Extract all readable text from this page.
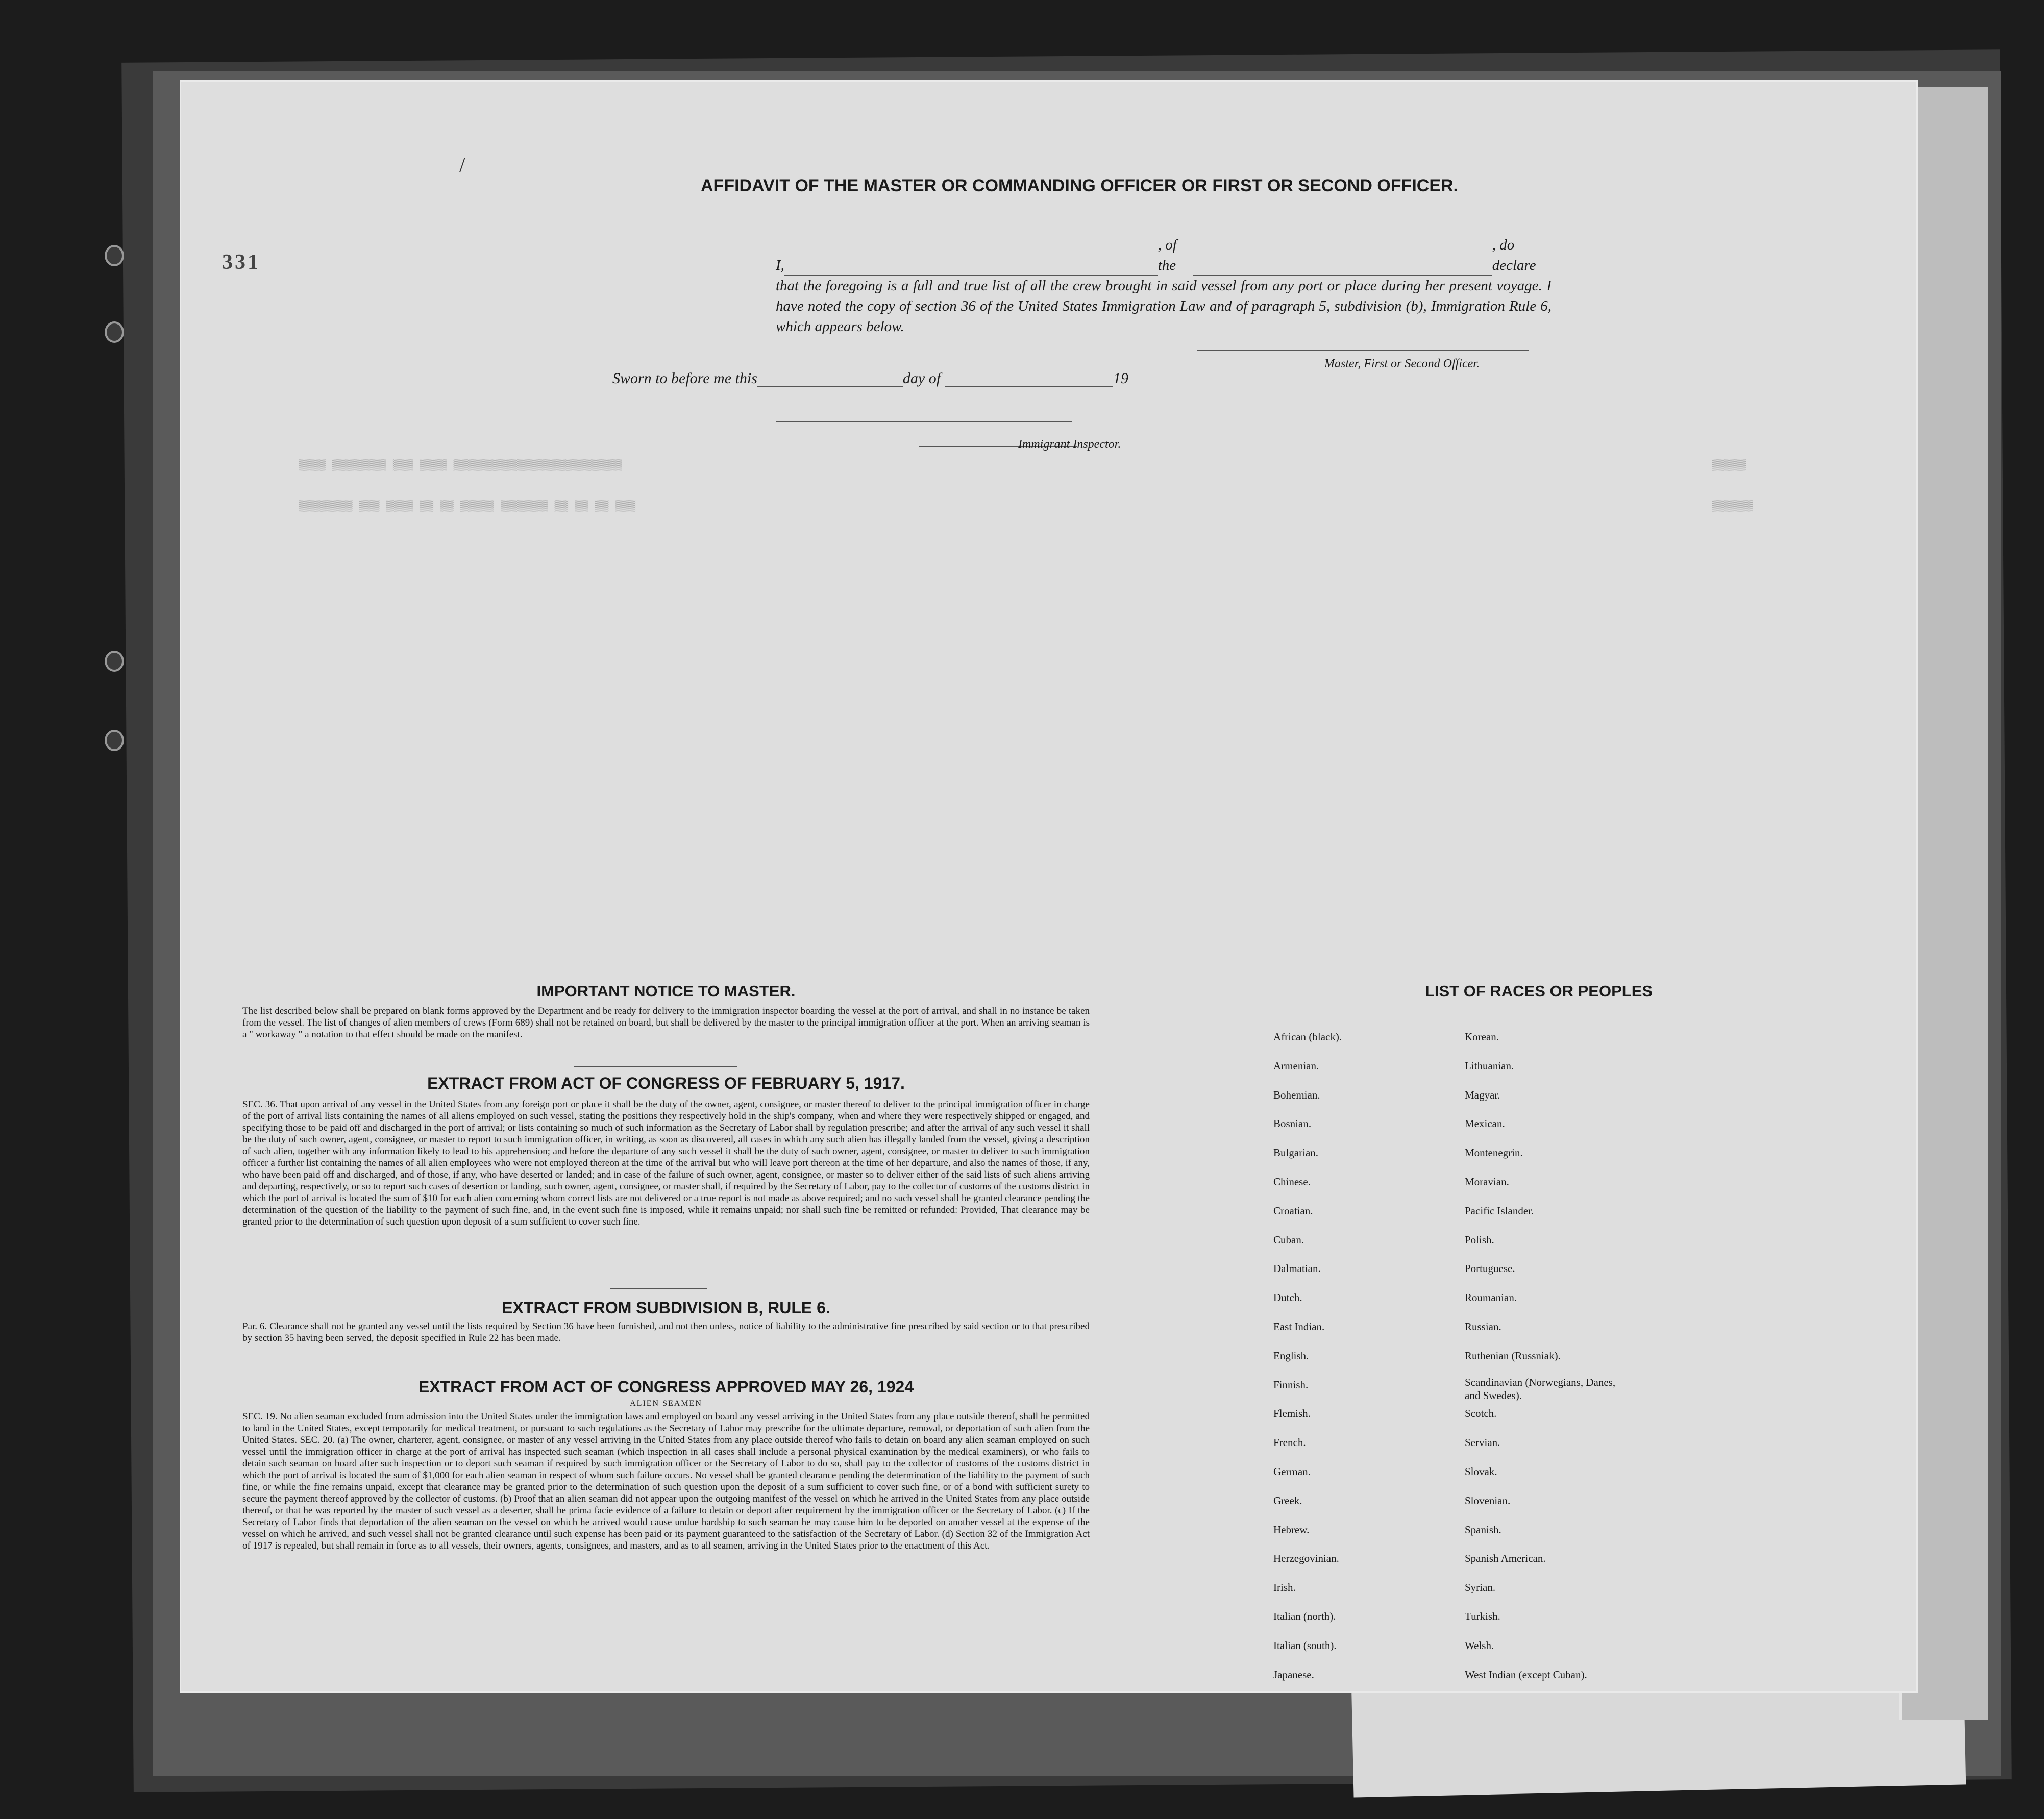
▒▒▒▒ ▒▒▒▒▒▒▒▒ ▒▒▒ ▒▒▒▒ ▒▒▒▒▒▒▒▒▒▒▒▒▒▒▒▒▒▒▒▒▒▒▒▒▒
▒▒▒▒▒▒▒▒ ▒▒▒ ▒▒▒▒ ▒▒ ▒▒ ▒▒▒▒▒ ▒▒▒▒▒▒▒ ▒▒ ▒▒ ▒▒ ▒▒▒
▒▒▒▒▒
▒▒▒▒▒▒
331
/
AFFIDAVIT OF THE MASTER OR COMMANDING OFFICER OR FIRST OR SECOND OFFICER.
I,
, of the
, do declare
that the foregoing is a full and true list of all the crew brought in said vessel from any port or place during her present voyage. I have noted the copy of section 36 of the United States Immigration Law and of paragraph 5, subdivision (b), Immigration Rule 6, which appears below.
Master, First or Second Officer.
Sworn to before me this	day of	19
Immigrant Inspector.
IMPORTANT NOTICE TO MASTER.
The list described below shall be prepared on blank forms approved by the Department and be ready for delivery to the immigration inspector boarding the vessel at the port of arrival, and shall in no instance be taken from the vessel. The list of changes of alien members of crews (Form 689) shall not be retained on board, but shall be delivered by the master to the principal immigration officer at the port. When an arriving seaman is a " workaway " a notation to that effect should be made on the manifest.
EXTRACT FROM ACT OF CONGRESS OF FEBRUARY 5, 1917.
SEC. 36. That upon arrival of any vessel in the United States from any foreign port or place it shall be the duty of the owner, agent, consignee, or master thereof to deliver to the principal immigration officer in charge of the port of arrival lists containing the names of all aliens employed on such vessel, stating the positions they respectively hold in the ship's company, when and where they were respectively shipped or engaged, and specifying those to be paid off and discharged in the port of arrival; or lists containing so much of such information as the Secretary of Labor shall by regulation prescribe; and after the arrival of any such vessel it shall be the duty of such owner, agent, consignee, or master to report to such immigration officer, in writing, as soon as discovered, all cases in which any such alien has illegally landed from the vessel, giving a description of such alien, together with any information likely to lead to his apprehension; and before the departure of any such vessel it shall be the duty of such owner, agent, consignee, or master to deliver to such immigration officer a further list containing the names of all alien employees who were not employed thereon at the time of the arrival but who will leave port thereon at the time of her departure, and also the names of those, if any, who have been paid off and discharged, and of those, if any, who have deserted or landed; and in case of the failure of such owner, agent, consignee, or master so to deliver either of the said lists of such aliens arriving and departing, respectively, or so to report such cases of desertion or landing, such owner, agent, consignee, or master shall, if required by the Secretary of Labor, pay to the collector of customs of the customs district in which the port of arrival is located the sum of $10 for each alien concerning whom correct lists are not delivered or a true report is not made as above required; and no such vessel shall be granted clearance pending the determination of the question of the liability to the payment of such fine, and, in the event such fine is imposed, while it remains unpaid; nor shall such fine be remitted or refunded: Provided, That clearance may be granted prior to the determination of such question upon deposit of a sum sufficient to cover such fine.
EXTRACT FROM SUBDIVISION B, RULE 6.
Par. 6. Clearance shall not be granted any vessel until the lists required by Section 36 have been furnished, and not then unless, notice of liability to the administrative fine prescribed by said section or to that prescribed by section 35 having been served, the deposit specified in Rule 22 has been made.
EXTRACT FROM ACT OF CONGRESS APPROVED MAY 26, 1924
ALIEN SEAMEN
SEC. 19. No alien seaman excluded from admission into the United States under the immigration laws and employed on board any vessel arriving in the United States from any place outside thereof, shall be permitted to land in the United States, except temporarily for medical treatment, or pursuant to such regulations as the Secretary of Labor may prescribe for the ultimate departure, removal, or deportation of such alien from the United States. SEC. 20. (a) The owner, charterer, agent, consignee, or master of any vessel arriving in the United States from any place outside thereof who fails to detain on board any alien seaman employed on such vessel until the immigration officer in charge at the port of arrival has inspected such seaman (which inspection in all cases shall include a personal physical examination by the medical examiners), or who fails to detain such seaman on board after such inspection or to deport such seaman if required by such immigration officer or the Secretary of Labor to do so, shall pay to the collector of customs of the customs district in which the port of arrival is located the sum of $1,000 for each alien seaman in respect of whom such failure occurs. No vessel shall be granted clearance pending the determination of the liability to the payment of such fine, or while the fine remains unpaid, except that clearance may be granted prior to the determination of such question upon the deposit of a sum sufficient to cover such fine, or of a bond with sufficient surety to secure the payment thereof approved by the collector of customs. (b) Proof that an alien seaman did not appear upon the outgoing manifest of the vessel on which he arrived in the United States from any place outside thereof, or that he was reported by the master of such vessel as a deserter, shall be prima facie evidence of a failure to detain or deport after requirement by the immigration officer or the Secretary of Labor. (c) If the Secretary of Labor finds that deportation of the alien seaman on the vessel on which he arrived would cause undue hardship to such seaman he may cause him to be deported on another vessel at the expense of the vessel on which he arrived, and such vessel shall not be granted clearance until such expense has been paid or its payment guaranteed to the satisfaction of the Secretary of Labor. (d) Section 32 of the Immigration Act of 1917 is repealed, but shall remain in force as to all vessels, their owners, agents, consignees, and masters, and as to all seamen, arriving in the United States prior to the enactment of this Act.
LIST OF RACES OR PEOPLES
African (black).
Armenian.
Bohemian.
Bosnian.
Bulgarian.
Chinese.
Croatian.
Cuban.
Dalmatian.
Dutch.
East Indian.
English.
Finnish.
Flemish.
French.
German.
Greek.
Hebrew.
Herzegovinian.
Irish.
Italian (north).
Italian (south).
Japanese.
Korean.
Lithuanian.
Magyar.
Mexican.
Montenegrin.
Moravian.
Pacific Islander.
Polish.
Portuguese.
Roumanian.
Russian.
Ruthenian (Russniak).
Scandinavian (Norwegians, Danes, and Swedes).
Scotch.
Servian.
Slovak.
Slovenian.
Spanish.
Spanish American.
Syrian.
Turkish.
Welsh.
West Indian (except Cuban).
